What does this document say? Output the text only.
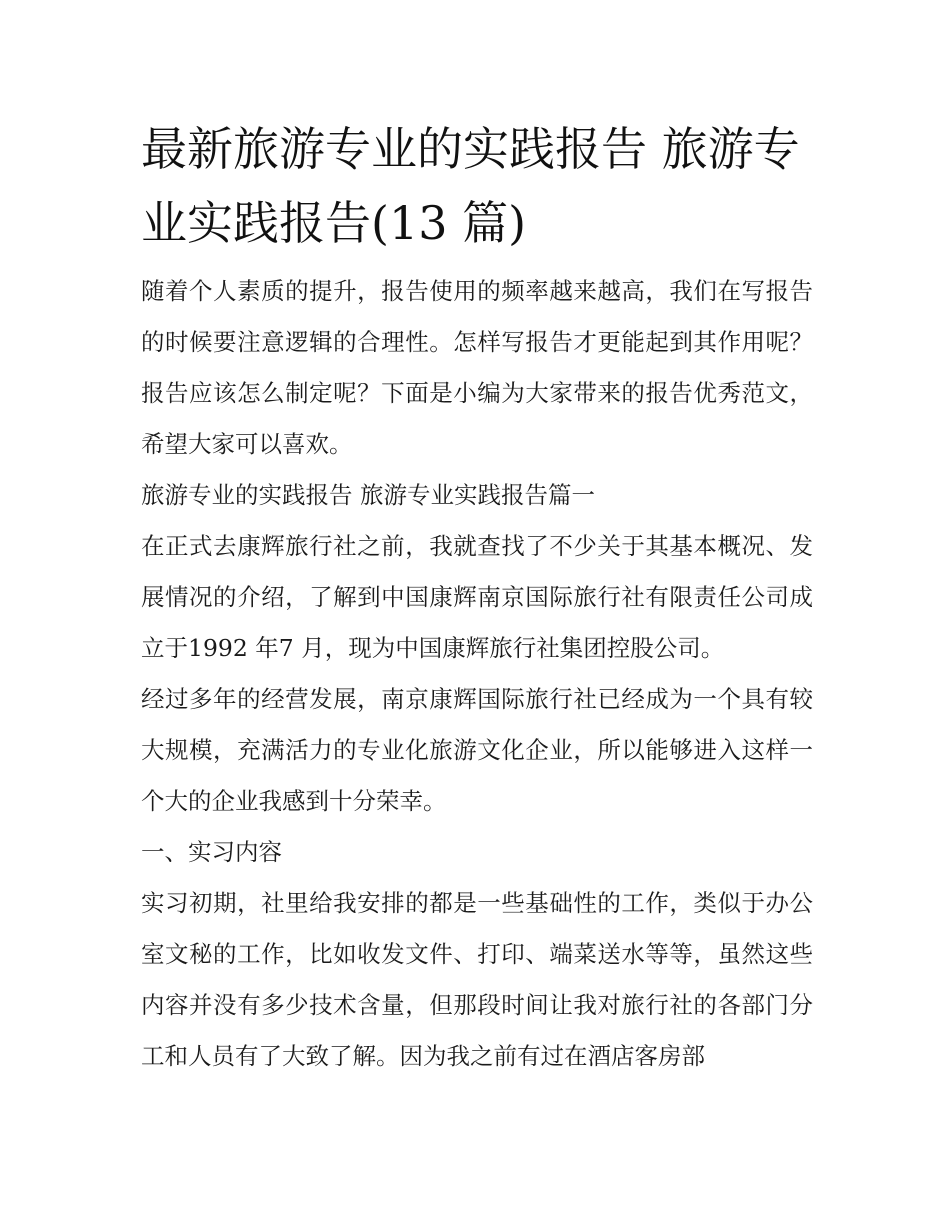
最新旅游专业的实践报告 旅游专业实践报告(13 篇)

随着个人素质的提升，报告使用的频率越来越高，我们在写报告的时候要注意逻辑的合理性。怎样写报告才更能起到其作用呢？报告应该怎么制定呢？下面是小编为大家带来的报告优秀范文，希望大家可以喜欢。

旅游专业的实践报告 旅游专业实践报告篇一

在正式去康辉旅行社之前，我就查找了不少关于其基本概况、发展情况的介绍，了解到中国康辉南京国际旅行社有限责任公司成立于1992 年7 月，现为中国康辉旅行社集团控股公司。

经过多年的经营发展，南京康辉国际旅行社已经成为一个具有较大规模，充满活力的专业化旅游文化企业，所以能够进入这样一个大的企业我感到十分荣幸。

一、实习内容

实习初期，社里给我安排的都是一些基础性的工作，类似于办公室文秘的工作，比如收发文件、打印、端菜送水等等，虽然这些内容并没有多少技术含量，但那段时间让我对旅行社的各部门分工和人员有了大致了解。因为我之前有过在酒店客房部
